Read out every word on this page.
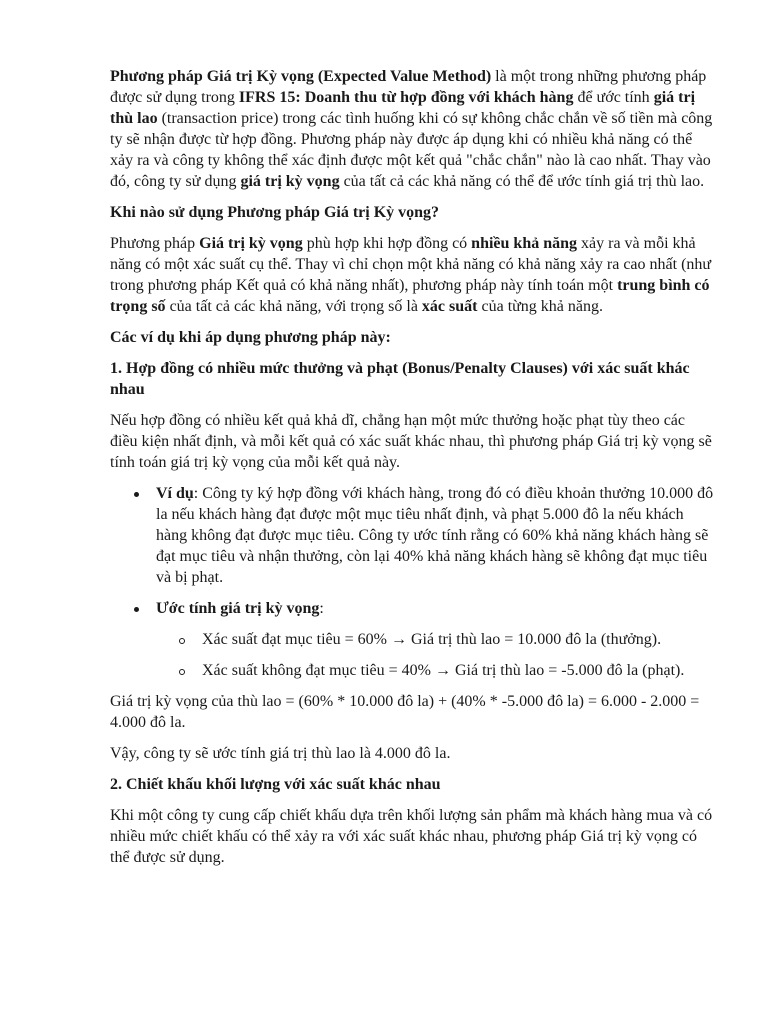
Phương pháp Giá trị Kỳ vọng (Expected Value Method) là một trong những phương pháp được sử dụng trong IFRS 15: Doanh thu từ hợp đồng với khách hàng để ước tính giá trị thù lao (transaction price) trong các tình huống khi có sự không chắc chắn về số tiền mà công ty sẽ nhận được từ hợp đồng. Phương pháp này được áp dụng khi có nhiều khả năng có thể xảy ra và công ty không thể xác định được một kết quả "chắc chắn" nào là cao nhất. Thay vào đó, công ty sử dụng giá trị kỳ vọng của tất cả các khả năng có thể để ước tính giá trị thù lao.

Khi nào sử dụng Phương pháp Giá trị Kỳ vọng?

Phương pháp Giá trị kỳ vọng phù hợp khi hợp đồng có nhiều khả năng xảy ra và mỗi khả năng có một xác suất cụ thể. Thay vì chỉ chọn một khả năng có khả năng xảy ra cao nhất (như trong phương pháp Kết quả có khả năng nhất), phương pháp này tính toán một trung bình có trọng số của tất cả các khả năng, với trọng số là xác suất của từng khả năng.

Các ví dụ khi áp dụng phương pháp này:

1. Hợp đồng có nhiều mức thưởng và phạt (Bonus/Penalty Clauses) với xác suất khác nhau

Nếu hợp đồng có nhiều kết quả khả dĩ, chẳng hạn một mức thưởng hoặc phạt tùy theo các điều kiện nhất định, và mỗi kết quả có xác suất khác nhau, thì phương pháp Giá trị kỳ vọng sẽ tính toán giá trị kỳ vọng của mỗi kết quả này.

Ví dụ: Công ty ký hợp đồng với khách hàng, trong đó có điều khoản thưởng 10.000 đô la nếu khách hàng đạt được một mục tiêu nhất định, và phạt 5.000 đô la nếu khách hàng không đạt được mục tiêu. Công ty ước tính rằng có 60% khả năng khách hàng sẽ đạt mục tiêu và nhận thưởng, còn lại 40% khả năng khách hàng sẽ không đạt mục tiêu và bị phạt.
Ước tính giá trị kỳ vọng:
Xác suất đạt mục tiêu = 60% → Giá trị thù lao = 10.000 đô la (thưởng).
Xác suất không đạt mục tiêu = 40% → Giá trị thù lao = -5.000 đô la (phạt).

Giá trị kỳ vọng của thù lao = (60% * 10.000 đô la) + (40% * -5.000 đô la) = 6.000 - 2.000 = 4.000 đô la.

Vậy, công ty sẽ ước tính giá trị thù lao là 4.000 đô la.

2. Chiết khấu khối lượng với xác suất khác nhau

Khi một công ty cung cấp chiết khấu dựa trên khối lượng sản phẩm mà khách hàng mua và có nhiều mức chiết khấu có thể xảy ra với xác suất khác nhau, phương pháp Giá trị kỳ vọng có thể được sử dụng.
